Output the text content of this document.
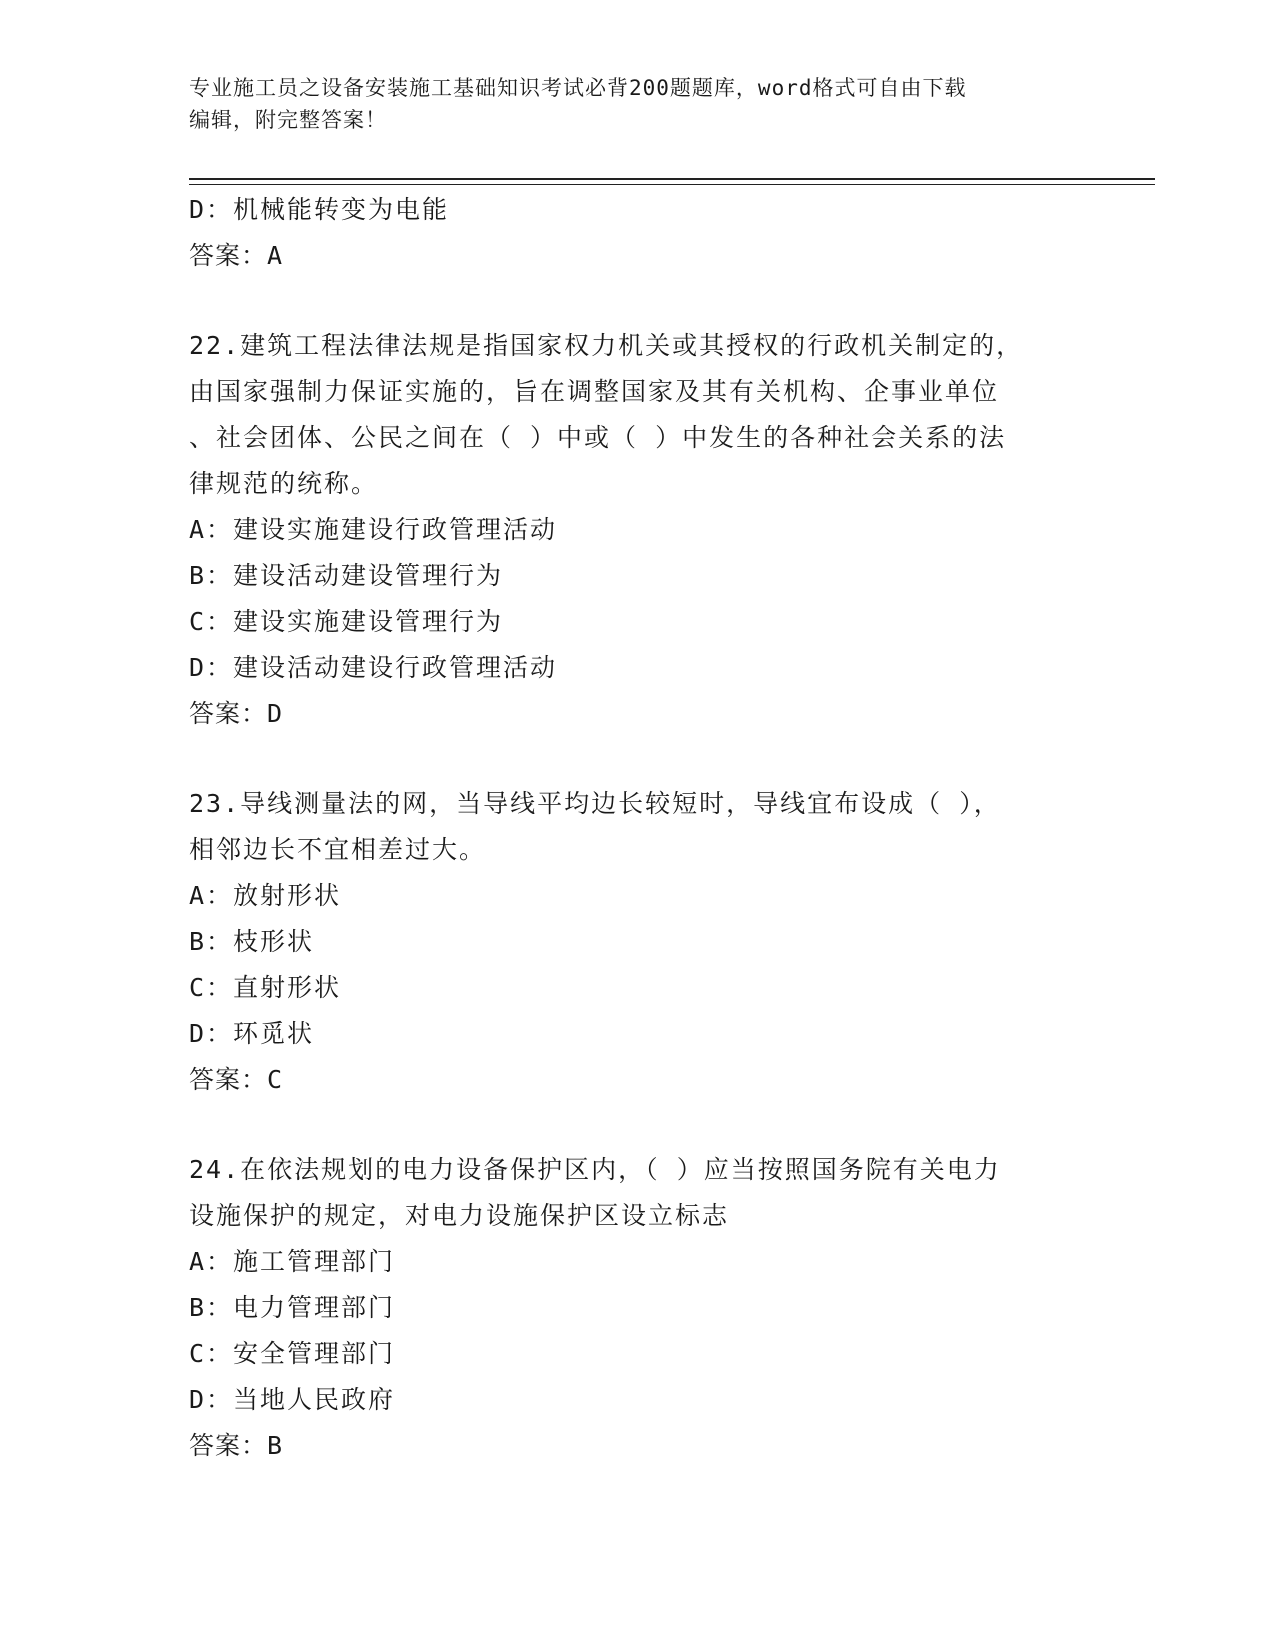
专业施工员之设备安装施工基础知识考试必背200题题库，word格式可自由下载
编辑，附完整答案！
D：机械能转变为电能
答案：A
22.建筑工程法律法规是指国家权力机关或其授权的行政机关制定的，
由国家强制力保证实施的，旨在调整国家及其有关机构、企事业单位
、社会团体、公民之间在（ ）中或（ ）中发生的各种社会关系的法
律规范的统称。
A：建设实施建设行政管理活动
B：建设活动建设管理行为
C：建设实施建设管理行为
D：建设活动建设行政管理活动
答案：D
23.导线测量法的网，当导线平均边长较短时，导线宜布设成（ ），
相邻边长不宜相差过大。
A：放射形状
B：枝形状
C：直射形状
D：环觅状
答案：C
24.在依法规划的电力设备保护区内，（ ）应当按照国务院有关电力
设施保护的规定，对电力设施保护区设立标志
A：施工管理部门
B：电力管理部门
C：安全管理部门
D：当地人民政府
答案：B
